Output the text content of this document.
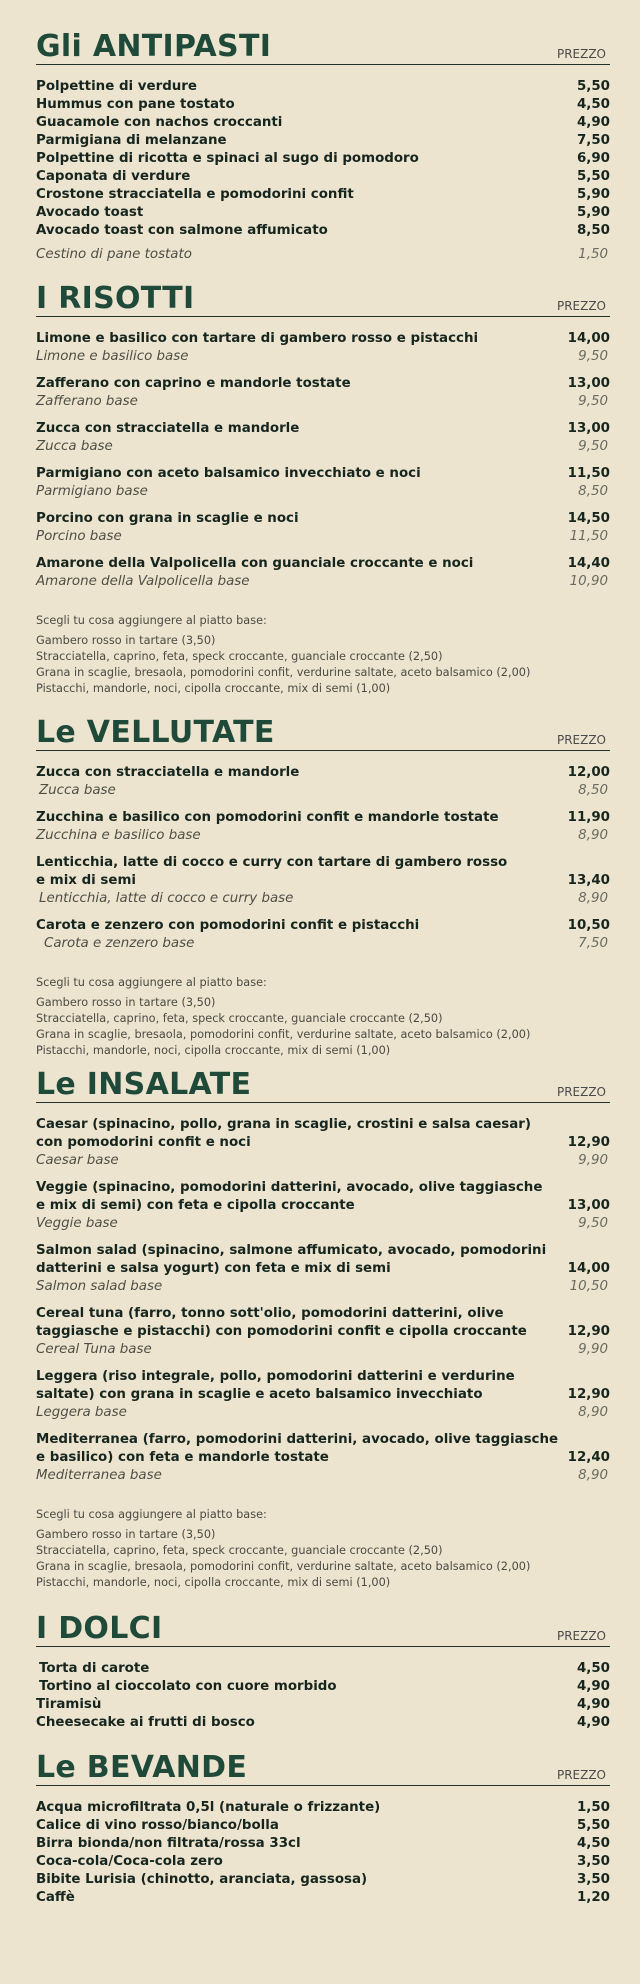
Gli ANTIPASTI	PREZZO
Polpettine di verdure	5,50
Hummus con pane tostato	4,50
Guacamole con nachos croccanti	4,90
Parmigiana di melanzane	7,50
Polpettine di ricotta e spinaci al sugo di pomodoro	6,90
Caponata di verdure	5,50
Crostone stracciatella e pomodorini confit	5,90
Avocado toast	5,90
Avocado toast con salmone affumicato	8,50
Cestino di pane tostato	1,50
I RISOTTI	PREZZO
Limone e basilico con tartare di gambero rosso e pistacchi	14,00
Limone e basilico base	9,50
Zafferano con caprino e mandorle tostate	13,00
Zafferano base	9,50
Zucca con stracciatella e mandorle	13,00
Zucca base	9,50
Parmigiano con aceto balsamico invecchiato e noci	11,50
Parmigiano base	8,50
Porcino con grana in scaglie e noci	14,50
Porcino base	11,50
Amarone della Valpolicella con guanciale croccante e noci	14,40
Amarone della Valpolicella base	10,90
Scegli tu cosa aggiungere al piatto base:
Gambero rosso in tartare (3,50)
Stracciatella, caprino, feta, speck croccante, guanciale croccante (2,50)
Grana in scaglie, bresaola, pomodorini confit, verdurine saltate, aceto balsamico (2,00)
Pistacchi, mandorle, noci, cipolla croccante, mix di semi (1,00)
Le VELLUTATE	PREZZO
Zucca con stracciatella e mandorle	12,00
Zucca base	8,50
Zucchina e basilico con pomodorini confit e mandorle tostate	11,90
Zucchina e basilico base	8,90
Lenticchia, latte di cocco e curry con tartare di gambero rosso
e mix di semi	13,40
Lenticchia, latte di cocco e curry base	8,90
Carota e zenzero con pomodorini confit e pistacchi	10,50
Carota e zenzero base	7,50
Scegli tu cosa aggiungere al piatto base:
Gambero rosso in tartare (3,50)
Stracciatella, caprino, feta, speck croccante, guanciale croccante (2,50)
Grana in scaglie, bresaola, pomodorini confit, verdurine saltate, aceto balsamico (2,00)
Pistacchi, mandorle, noci, cipolla croccante, mix di semi (1,00)
Le INSALATE	PREZZO
Caesar (spinacino, pollo, grana in scaglie, crostini e salsa caesar)
con pomodorini confit e noci	12,90
Caesar base	9,90
Veggie (spinacino, pomodorini datterini, avocado, olive taggiasche
e mix di semi) con feta e cipolla croccante	13,00
Veggie base	9,50
Salmon salad (spinacino, salmone affumicato, avocado, pomodorini
datterini e salsa yogurt) con feta e mix di semi	14,00
Salmon salad base	10,50
Cereal tuna (farro, tonno sott'olio, pomodorini datterini, olive
taggiasche e pistacchi) con pomodorini confit e cipolla croccante	12,90
Cereal Tuna base	9,90
Leggera (riso integrale, pollo, pomodorini datterini e verdurine
saltate) con grana in scaglie e aceto balsamico invecchiato	12,90
Leggera base	8,90
Mediterranea (farro, pomodorini datterini, avocado, olive taggiasche
e basilico) con feta e mandorle tostate	12,40
Mediterranea base	8,90
Scegli tu cosa aggiungere al piatto base:
Gambero rosso in tartare (3,50)
Stracciatella, caprino, feta, speck croccante, guanciale croccante (2,50)
Grana in scaglie, bresaola, pomodorini confit, verdurine saltate, aceto balsamico (2,00)
Pistacchi, mandorle, noci, cipolla croccante, mix di semi (1,00)
I DOLCI	PREZZO
Torta di carote	4,50
Tortino al cioccolato con cuore morbido	4,90
Tiramisù	4,90
Cheesecake ai frutti di bosco	4,90
Le BEVANDE	PREZZO
Acqua microfiltrata 0,5l (naturale o frizzante)	1,50
Calice di vino rosso/bianco/bolla	5,50
Birra bionda/non filtrata/rossa 33cl	4,50
Coca-cola/Coca-cola zero	3,50
Bibite Lurisia (chinotto, aranciata, gassosa)	3,50
Caffè	1,20
